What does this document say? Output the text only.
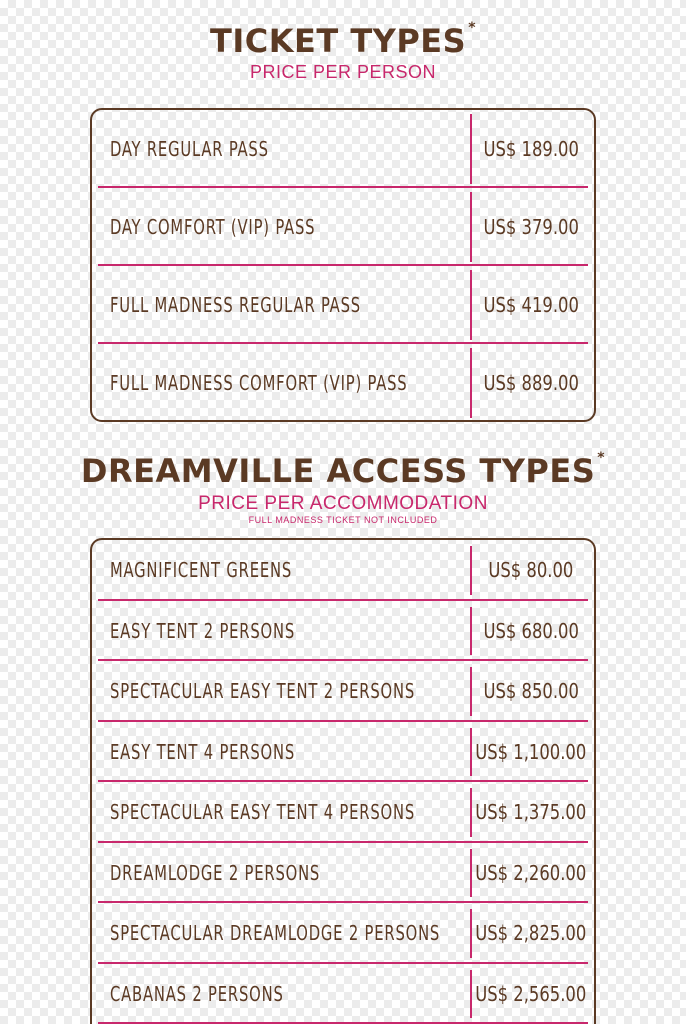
TICKET TYPES *
PRICE PER PERSON
DAY REGULAR PASS	US$ 189.00
DAY COMFORT (VIP) PASS	US$ 379.00
FULL MADNESS REGULAR PASS	US$ 419.00
FULL MADNESS COMFORT (VIP) PASS	US$ 889.00
DREAMVILLE ACCESS TYPES *
PRICE PER ACCOMMODATION
FULL MADNESS TICKET NOT INCLUDED
MAGNIFICENT GREENS	US$ 80.00
EASY TENT 2 PERSONS	US$ 680.00
SPECTACULAR EASY TENT 2 PERSONS	US$ 850.00
EASY TENT 4 PERSONS	US$ 1,100.00
SPECTACULAR EASY TENT 4 PERSONS	US$ 1,375.00
DREAMLODGE 2 PERSONS	US$ 2,260.00
SPECTACULAR DREAMLODGE 2 PERSONS US$ 2,825.00
CABANAS 2 PERSONS	US$ 2,565.00
